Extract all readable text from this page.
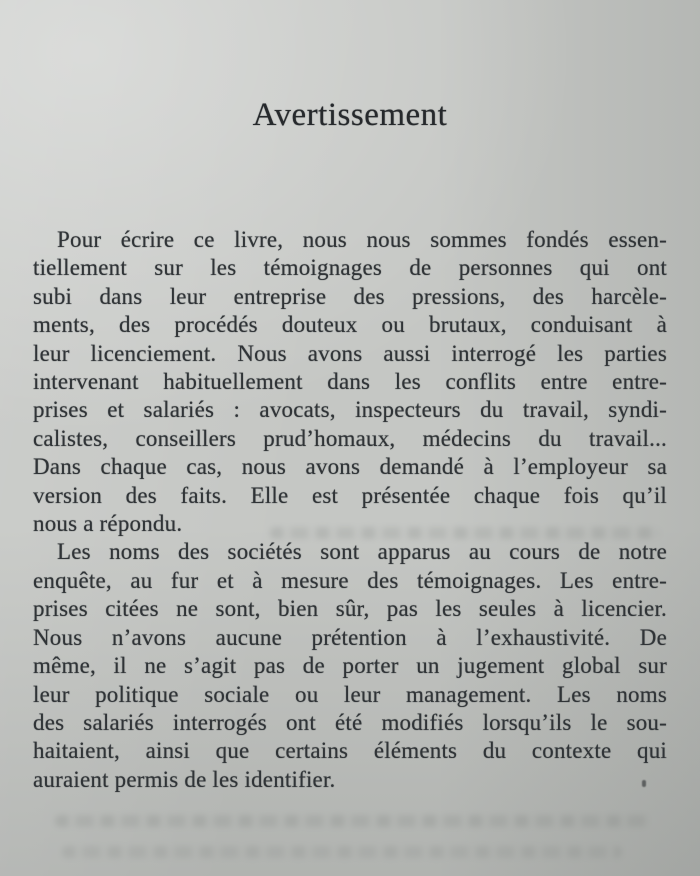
Avertissement
Pour écrire ce livre, nous nous sommes fondés essen-
tiellement sur les témoignages de personnes qui ont
subi dans leur entreprise des pressions, des harcèle-
ments, des procédés douteux ou brutaux, conduisant à
leur licenciement. Nous avons aussi interrogé les parties
intervenant habituellement dans les conflits entre entre-
prises et salariés : avocats, inspecteurs du travail, syndi-
calistes, conseillers prud’homaux, médecins du travail...
Dans chaque cas, nous avons demandé à l’employeur sa
version des faits. Elle est présentée chaque fois qu’il
nous a répondu.
Les noms des sociétés sont apparus au cours de notre
enquête, au fur et à mesure des témoignages. Les entre-
prises citées ne sont, bien sûr, pas les seules à licencier.
Nous n’avons aucune prétention à l’exhaustivité. De
même, il ne s’agit pas de porter un jugement global sur
leur politique sociale ou leur management. Les noms
des salariés interrogés ont été modifiés lorsqu’ils le sou-
haitaient, ainsi que certains éléments du contexte qui
auraient permis de les identifier.
